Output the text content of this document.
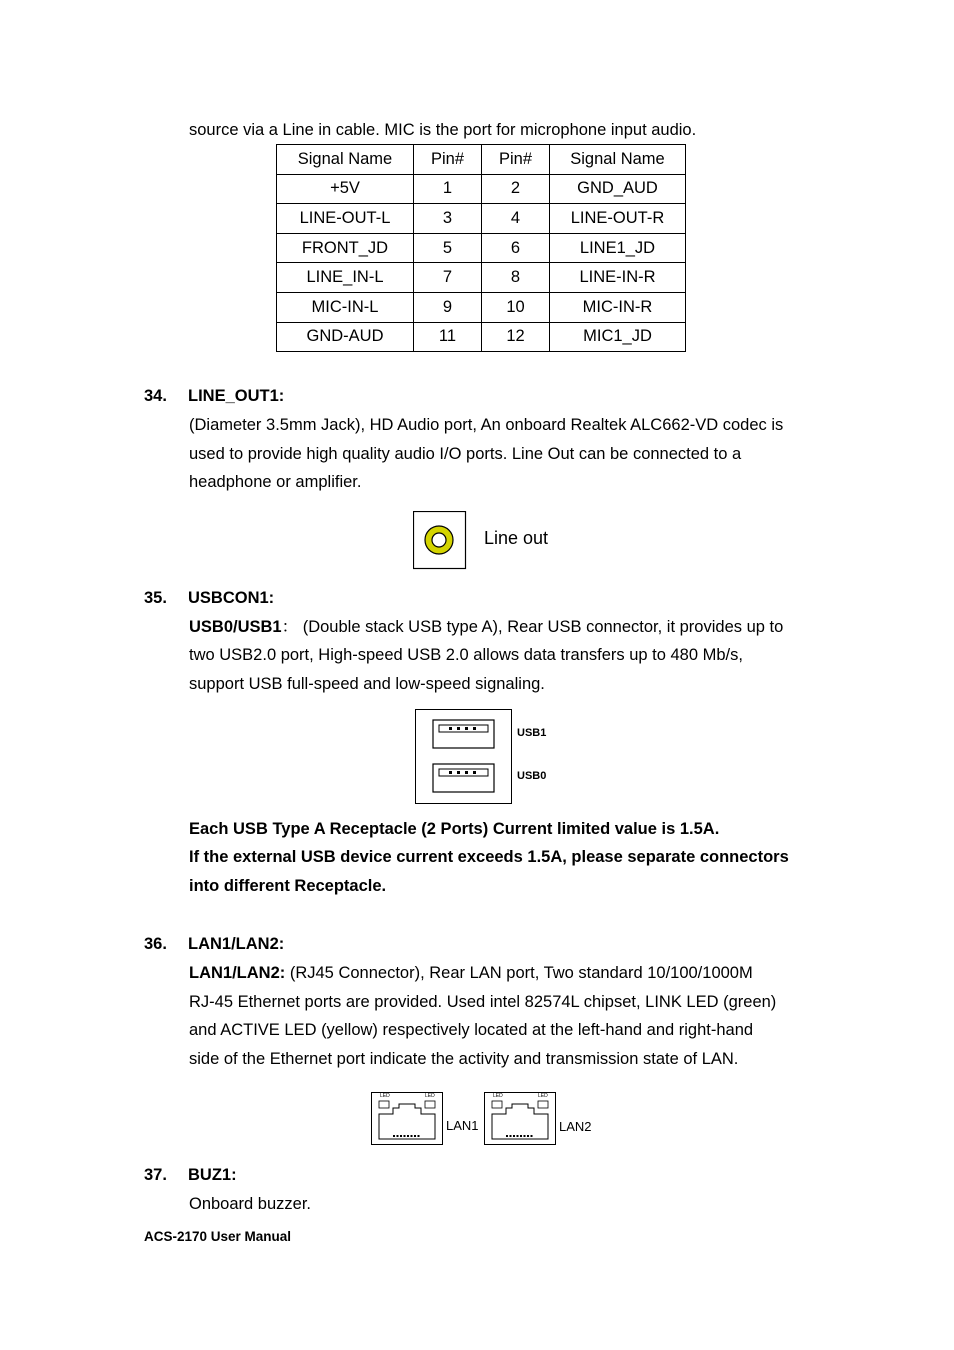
source via a Line in cable. MIC is the port for microphone input audio.
Signal Name	Pin#	Pin#	Signal Name
+5V	1	2	GND_AUD
LINE-OUT-L	3	4	LINE-OUT-R
FRONT_JD	5	6	LINE1_JD
LINE_IN-L	7	8	LINE-IN-R
MIC-IN-L	9	10	MIC-IN-R
GND-AUD	11	12	MIC1_JD
34. LINE_OUT1:
(Diameter 3.5mm Jack), HD Audio port, An onboard Realtek ALC662-VD codec is
used to provide high quality audio I/O ports. Line Out can be connected to a
headphone or amplifier.
Line out
35. USBCON1:
USB0/USB1： (Double stack USB type A), Rear USB connector, it provides up to
two USB2.0 port, High-speed USB 2.0 allows data transfers up to 480 Mb/s,
support USB full-speed and low-speed signaling.
USB1
USB0
Each USB Type A Receptacle (2 Ports) Current limited value is 1.5A.
If the external USB device current exceeds 1.5A, please separate connectors
into different Receptacle.
36. LAN1/LAN2:
LAN1/LAN2: (RJ45 Connector), Rear LAN port, Two standard 10/100/1000M
RJ-45 Ethernet ports are provided. Used intel 82574L chipset, LINK LED (green)
and ACTIVE LED (yellow) respectively located at the left-hand and right-hand
side of the Ethernet port indicate the activity and transmission state of LAN.
LED	LED
LAN1
LED	LED
LAN2
37. BUZ1:
Onboard buzzer.
ACS-2170 User Manual
